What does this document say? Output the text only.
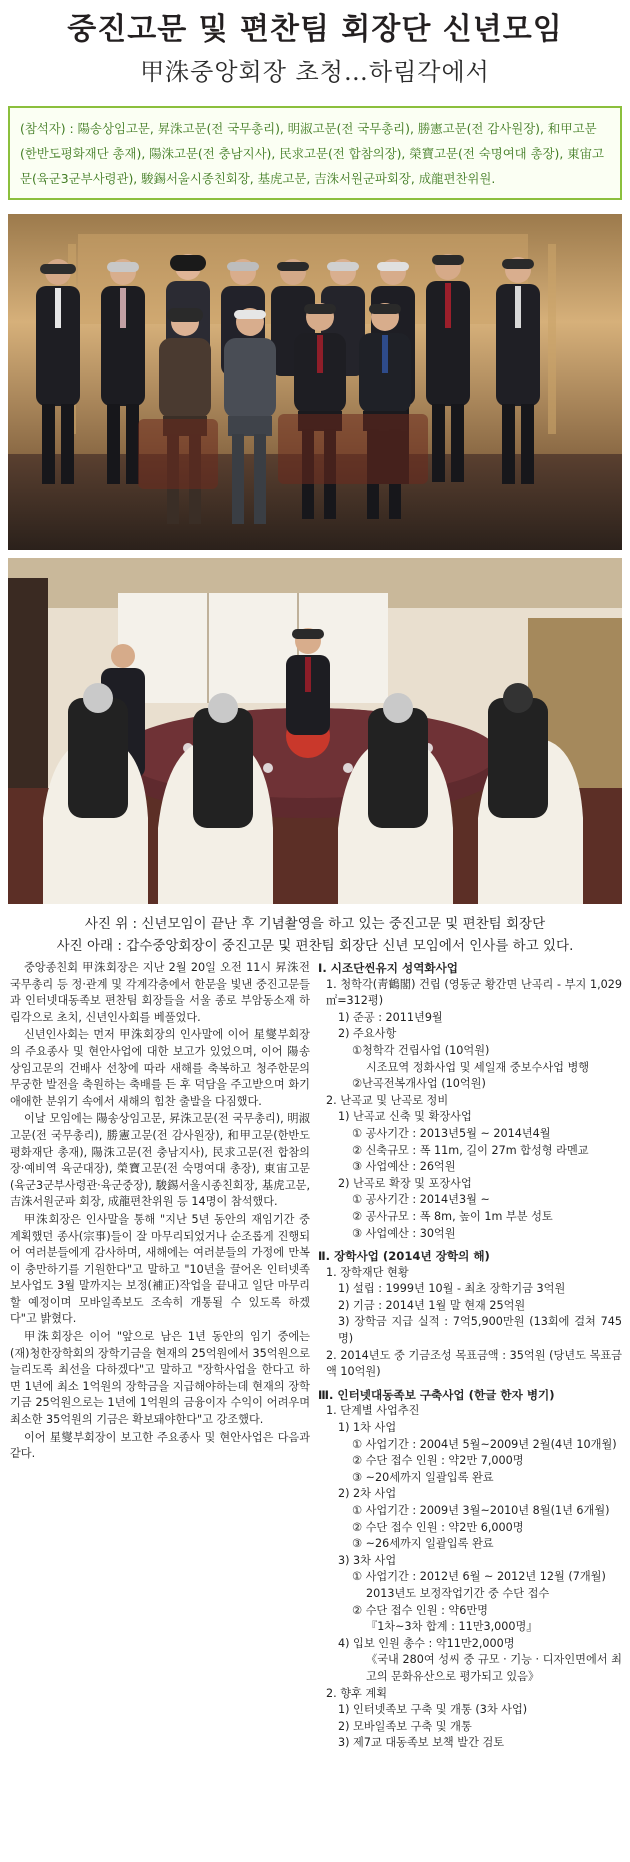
중진고문 및 편찬팀 회장단 신년모임
甲洙중앙회장 초청…하림각에서
(참석자) : 陽송상임고문, 昇洙고문(전 국무총리), 明淑고문(전 국무총리), 勝憲고문(전 감사원장), 和甲고문(한반도평화재단 총재), 陽洙고문(전 충남지사), 民求고문(전 합참의장), 榮寶고문(전 숙명여대 총장), 東宙고문(육군3군부사령관), 駿錫서울시종친회장, 基虎고문, 吉洙서원군파회장, 成龍편찬위원.
사진 위 : 신년모임이 끝난 후 기념촬영을 하고 있는 중진고문 및 편찬팀 회장단
사진 아래 : 갑수중앙회장이 중진고문 및 편찬팀 회장단 신년 모임에서 인사를 하고 있다.

중앙종친회 甲洙회장은 지난 2월 20일 오전 11시 昇洙전 국무총리 등 정·관계 및 각계각층에서 한문을 빛낸 중진고문들과 인터넷대동족보 편찬팀 회장들을 서울 종로 부암동소재 하림각으로 초치, 신년인사회를 베풀었다.

신년인사회는 먼저 甲洙회장의 인사말에 이어 星燮부회장의 주요종사 및 현안사업에 대한 보고가 있었으며, 이어 陽송상임고문의 건배사 선창에 따라 새해를 축복하고 청주한문의 무궁한 발전을 축원하는 축배를 든 후 덕담을 주고받으며 화기애애한 분위기 속에서 새해의 힘찬 출발을 다짐했다.

이날 모임에는 陽송상임고문, 昇洙고문(전 국무총리), 明淑고문(전 국무총리), 勝憲고문(전 감사원장), 和甲고문(한반도평화재단 총재), 陽洙고문(전 충남지사), 民求고문(전 합참의장·예비역 육군대장), 榮寶고문(전 숙명여대 총장), 東宙고문(육군3군부사령관·육군중장), 駿錫서울시종친회장, 基虎고문, 吉洙서원군파 회장, 成龍편찬위원 등 14명이 참석했다.

甲洙회장은 인사말을 통해 "지난 5년 동안의 재임기간 중 계획했던 종사(宗事)들이 잘 마무리되었거나 순조롭게 진행되어 여러분들에게 감사하며, 새해에는 여러분들의 가정에 만복이 충만하기를 기원한다"고 말하고 "10년을 끌어온 인터넷족보사업도 3월 말까지는 보정(補正)작업을 끝내고 일단 마무리할 예정이며 모바일족보도 조속히 개통될 수 있도록 하겠다"고 밝혔다.

甲洙회장은 이어 "앞으로 남은 1년 동안의 임기 중에는 (재)청한장학회의 장학기금을 현재의 25억원에서 35억원으로 늘리도록 최선을 다하겠다"고 말하고 "장학사업을 한다고 하면 1년에 최소 1억원의 장학금을 지급해야하는데 현재의 장학기금 25억원으로는 1년에 1억원의 금융이자 수익이 어려우며 최소한 35억원의 기금은 확보돼야한다"고 강조했다.

이어 星燮부회장이 보고한 주요종사 및 현안사업은 다음과 같다.

Ⅰ. 시조단씬유지 성역화사업
1. 청학각(靑鶴閣) 건립 (영동군 황간면 난곡리 - 부지 1,029㎡=312평)
1) 준공 : 2011년9월
2) 주요사항
①청학각 건립사업 (10억원)
시조묘역 정화사업 및 세일재 중보수사업 병행
②난곡전복개사업 (10억원)
2. 난곡교 및 난곡로 정비
1) 난곡교 신축 및 확장사업
① 공사기간 : 2013년5월 ~ 2014년4월
② 신축규모 : 폭 11m, 길이 27m 합성형 라멘교
③ 사업예산 : 26억원
2) 난곡로 확장 및 포장사업
① 공사기간 : 2014년3월 ~
② 공사규모 : 폭 8m, 높이 1m 부분 성토
③ 사업예산 : 30억원
Ⅱ. 장학사업 (2014년 장학의 해)
1. 장학재단 현황
1) 설립 : 1999년 10월 - 최초 장학기금 3억원
2) 기금 : 2014년 1월 말 현재 25억원
3) 장학금 지급 실적 : 7억5,900만원 (13회에 걸쳐 745명)
2. 2014년도 중 기금조성 목표금액 : 35억원 (당년도 목표금액 10억원)
Ⅲ. 인터넷대동족보 구축사업 (한글 한자 병기)
1. 단계별 사업추진
1) 1차 사업
① 사업기간 : 2004년 5월~2009년 2월(4년 10개월)
② 수단 접수 인원 : 약2만 7,000명
③ ~20세까지 일괄입록 완료
2) 2차 사업
① 사업기간 : 2009년 3월~2010년 8월(1년 6개월)
② 수단 접수 인원 : 약2만 6,000명
③ ~26세까지 일괄입록 완료
3) 3차 사업
① 사업기간 : 2012년 6월 ~ 2012년 12월 (7개월)
2013년도 보정작업기간 중 수단 접수
② 수단 접수 인원 : 약6만명
『1차~3차 합계 : 11만3,000명』
4) 입보 인원 총수 : 약11만2,000명
《국내 280여 성씨 중 규모 · 기능 · 디자인면에서 최고의 문화유산으로 평가되고 있음》
2. 향후 계획
1) 인터넷족보 구축 및 개통 (3차 사업)
2) 모바일족보 구축 및 개통
3) 제7교 대동족보 보책 발간 검토
